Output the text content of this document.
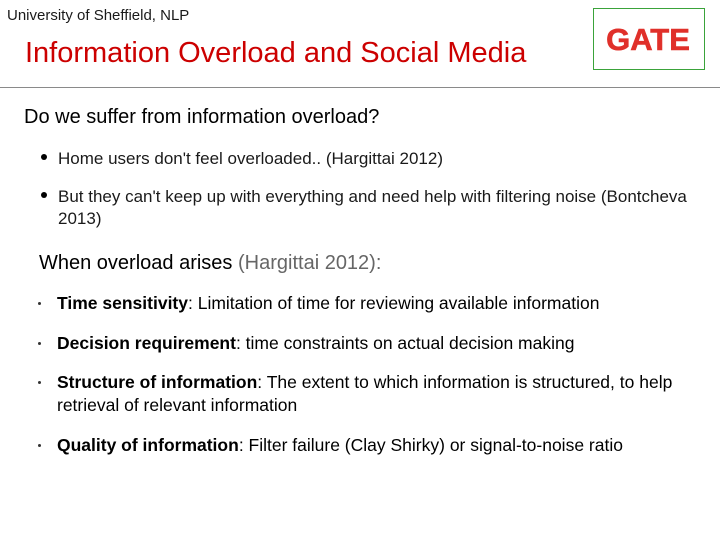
University of Sheffield, NLP
Information Overload and Social Media	GATE
Do we suffer from information overload?
Home users don't feel overloaded.. (Hargittai 2012)
But they can't keep up with everything and need help with filtering noise (Bontcheva 2013)
When overload arises (Hargittai 2012):
Time sensitivity: Limitation of time for reviewing available information
Decision requirement: time constraints on actual decision making
Structure of information: The extent to which information is structured, to help retrieval of relevant information
Quality of information: Filter failure (Clay Shirky) or signal-to-noise ratio
